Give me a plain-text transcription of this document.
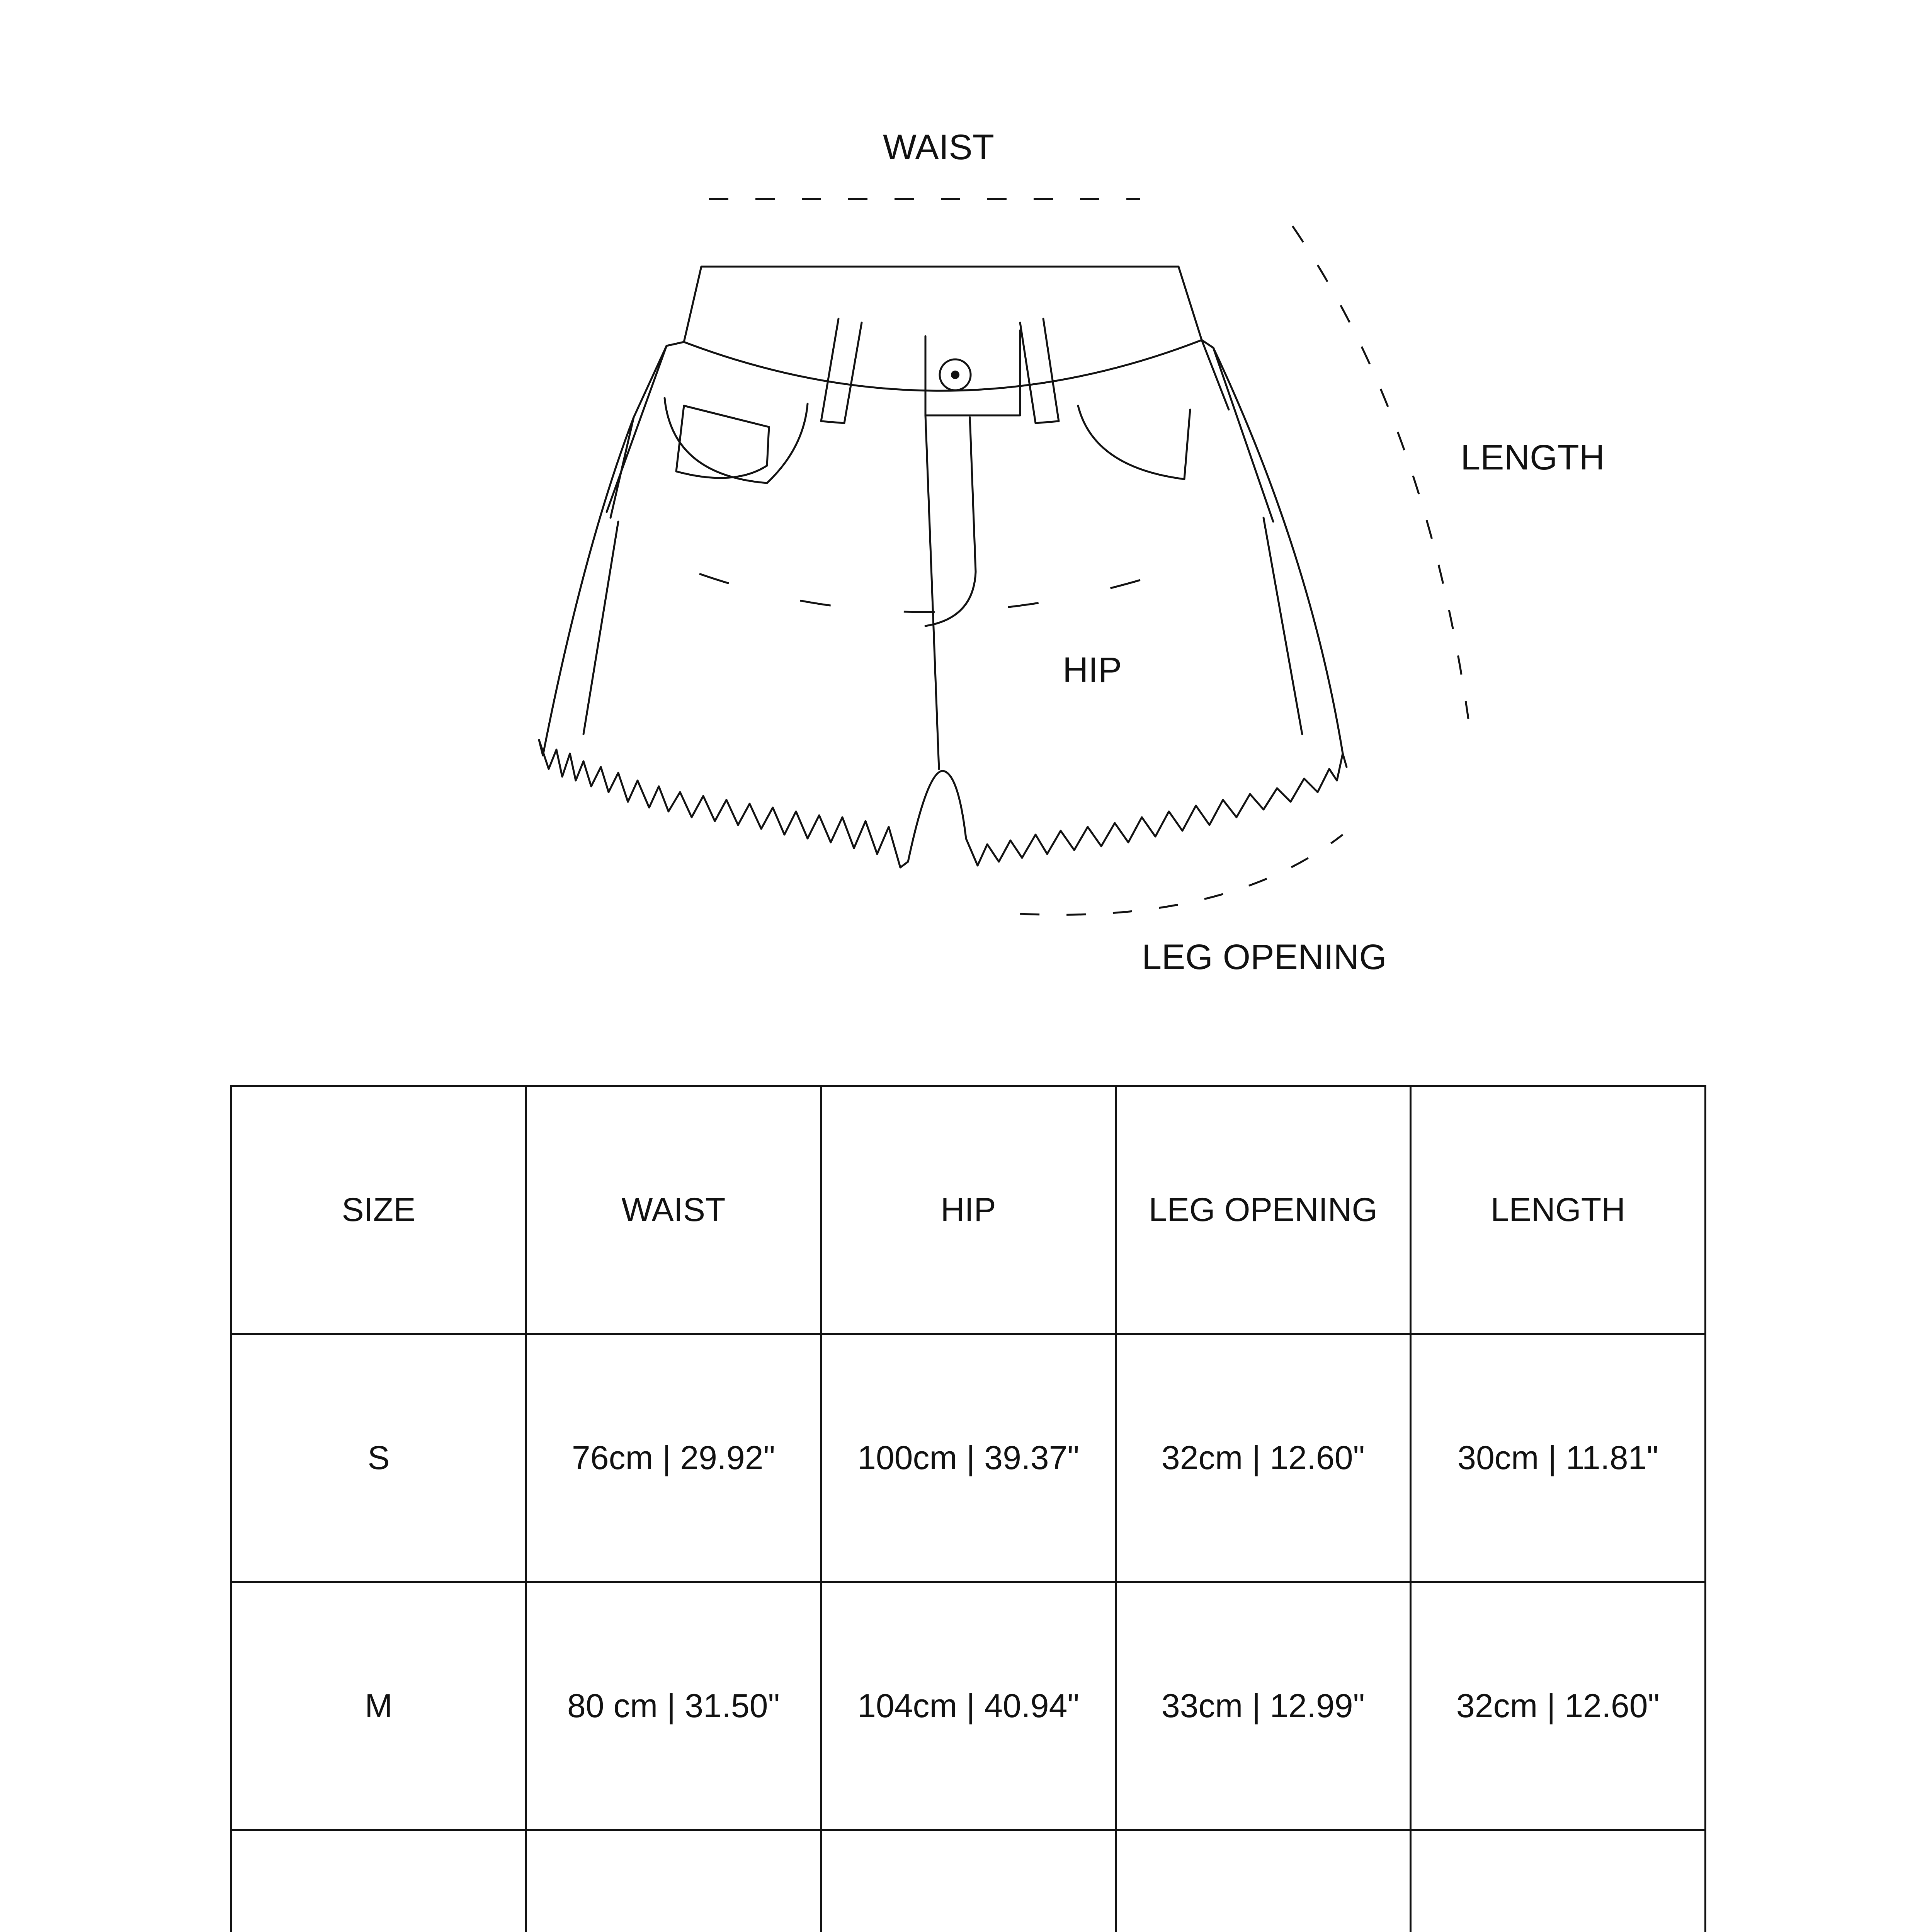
WAIST
LENGTH
HIP
LEG OPENING
SIZE	WAIST	HIP	LEG OPENING	LENGTH
S	76cm | 29.92"	100cm | 39.37"	32cm | 12.60"	30cm | 11.81"
M	80 cm | 31.50"	104cm | 40.94"	33cm | 12.99"	32cm | 12.60"
